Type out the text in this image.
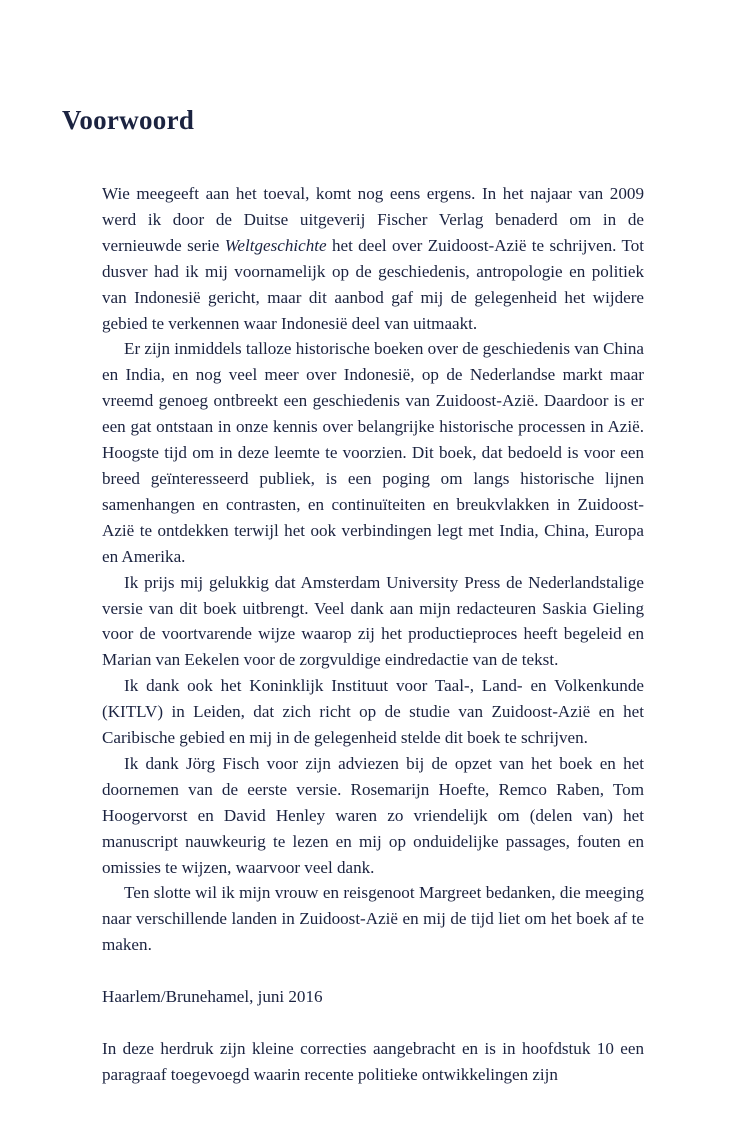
Voorwoord

Wie meegeeft aan het toeval, komt nog eens ergens. In het najaar van 2009 werd ik door de Duitse uitgeverij Fischer Verlag benaderd om in de vernieuwde serie Weltgeschichte het deel over Zuidoost-Azië te schrijven. Tot dusver had ik mij voornamelijk op de geschiedenis, antropologie en politiek van Indonesië gericht, maar dit aanbod gaf mij de gelegenheid het wijdere gebied te verkennen waar Indonesië deel van uitmaakt.

Er zijn inmiddels talloze historische boeken over de geschiedenis van China en India, en nog veel meer over Indonesië, op de Nederlandse markt maar vreemd genoeg ontbreekt een geschiedenis van Zuidoost-Azië. Daardoor is er een gat ontstaan in onze kennis over belangrijke historische processen in Azië. Hoogste tijd om in deze leemte te voorzien. Dit boek, dat bedoeld is voor een breed geïnteresseerd publiek, is een poging om langs historische lijnen samenhangen en contrasten, en continuïteiten en breukvlakken in Zuidoost-Azië te ontdekken terwijl het ook verbindingen legt met India, China, Europa en Amerika.

Ik prijs mij gelukkig dat Amsterdam University Press de Nederlandstalige versie van dit boek uitbrengt. Veel dank aan mijn redacteuren Saskia Gieling voor de voortvarende wijze waarop zij het productieproces heeft begeleid en Marian van Eekelen voor de zorgvuldige eindredactie van de tekst.

Ik dank ook het Koninklijk Instituut voor Taal-, Land- en Volkenkunde (KITLV) in Leiden, dat zich richt op de studie van Zuidoost-Azië en het Caribische gebied en mij in de gelegenheid stelde dit boek te schrijven.

Ik dank Jörg Fisch voor zijn adviezen bij de opzet van het boek en het doornemen van de eerste versie. Rosemarijn Hoefte, Remco Raben, Tom Hoogervorst en David Henley waren zo vriendelijk om (delen van) het manuscript nauwkeurig te lezen en mij op onduidelijke passages, fouten en omissies te wijzen, waarvoor veel dank.

Ten slotte wil ik mijn vrouw en reisgenoot Margreet bedanken, die meeging naar verschillende landen in Zuidoost-Azië en mij de tijd liet om het boek af te maken.

Haarlem/Brunehamel, juni 2016

In deze herdruk zijn kleine correcties aangebracht en is in hoofdstuk 10 een paragraaf toegevoegd waarin recente politieke ontwikkelingen zijn
